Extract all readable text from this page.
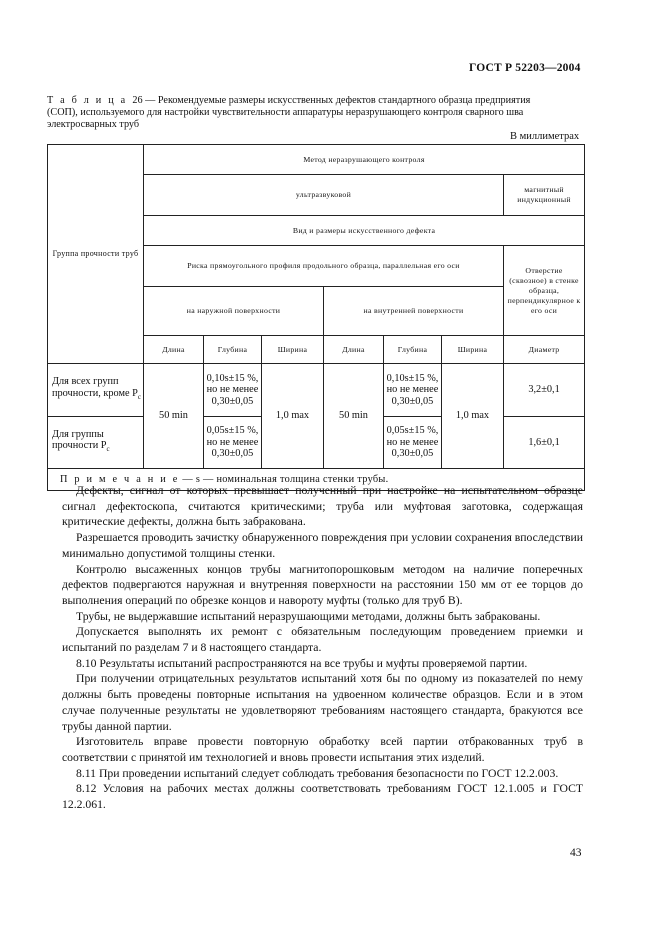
ГОСТ Р 52203—2004
Т а б л и ц а 26 — Рекомендуемые размеры искусственных дефектов стандартного образца предприятия
(СОП), используемого для настройки чувствительности аппаратуры неразрушающего контроля сварного шва
электросварных труб
В миллиметрах
Группа прочности труб	Метод неразрушающего контроля						
	ультразвуковой						магнитный индукционный
	Вид и размеры искусственного дефекта						
	Риска прямоугольного профиля продольного образца, параллельная его оси						Отверстие (сквозное) в стенке образца, перпендикулярное к его оси
	на наружной поверхности			на внутренней поверхности			
	Длина	Глубина	Ширина	Длина	Глубина	Ширина	Диаметр
Для всех групп прочности, кроме $P_c$	50 min	0,10s±15 %, но не менее 0,30±0,05	1,0 max	50 min	0,10s±15 %, но не менее 0,30±0,05	1,0 max	3,2±0,1
Для группы прочности $P_c$		0,05s±15 %, но не менее 0,30±0,05			0,05s±15 %, но не менее 0,30±0,05		1,6±0,1
П р и м е ч а н и е — s — номинальная толщина стенки трубы.							

Дефекты, сигнал от которых превышает полученный при настройке на испытательном образце сигнал дефектоскопа, считаются критическими; труба или муфтовая заготовка, содержащая критические дефекты, должна быть забракована.

Разрешается проводить зачистку обнаруженного повреждения при условии сохранения впоследствии минимально допустимой толщины стенки.

Контролю высаженных концов трубы магнитопорошковым методом на наличие поперечных дефектов подвергаются наружная и внутренняя поверхности на расстоянии 150 мм от ее торцов до выполнения операций по обрезке концов и навороту муфты (только для труб В).

Трубы, не выдержавшие испытаний неразрушающими методами, должны быть забракованы.

Допускается выполнять их ремонт с обязательным последующим проведением приемки и испытаний по разделам 7 и 8 настоящего стандарта.

8.10 Результаты испытаний распространяются на все трубы и муфты проверяемой партии.

При получении отрицательных результатов испытаний хотя бы по одному из показателей по нему должны быть проведены повторные испытания на удвоенном количестве образцов. Если и в этом случае полученные результаты не удовлетворяют требованиям настоящего стандарта, бракуются все трубы данной партии.

Изготовитель вправе провести повторную обработку всей партии отбракованных труб в соответствии с принятой им технологией и вновь провести испытания этих изделий.

8.11 При проведении испытаний следует соблюдать требования безопасности по ГОСТ 12.2.003.

8.12 Условия на рабочих местах должны соответствовать требованиям ГОСТ 12.1.005 и ГОСТ 12.2.061.

43
